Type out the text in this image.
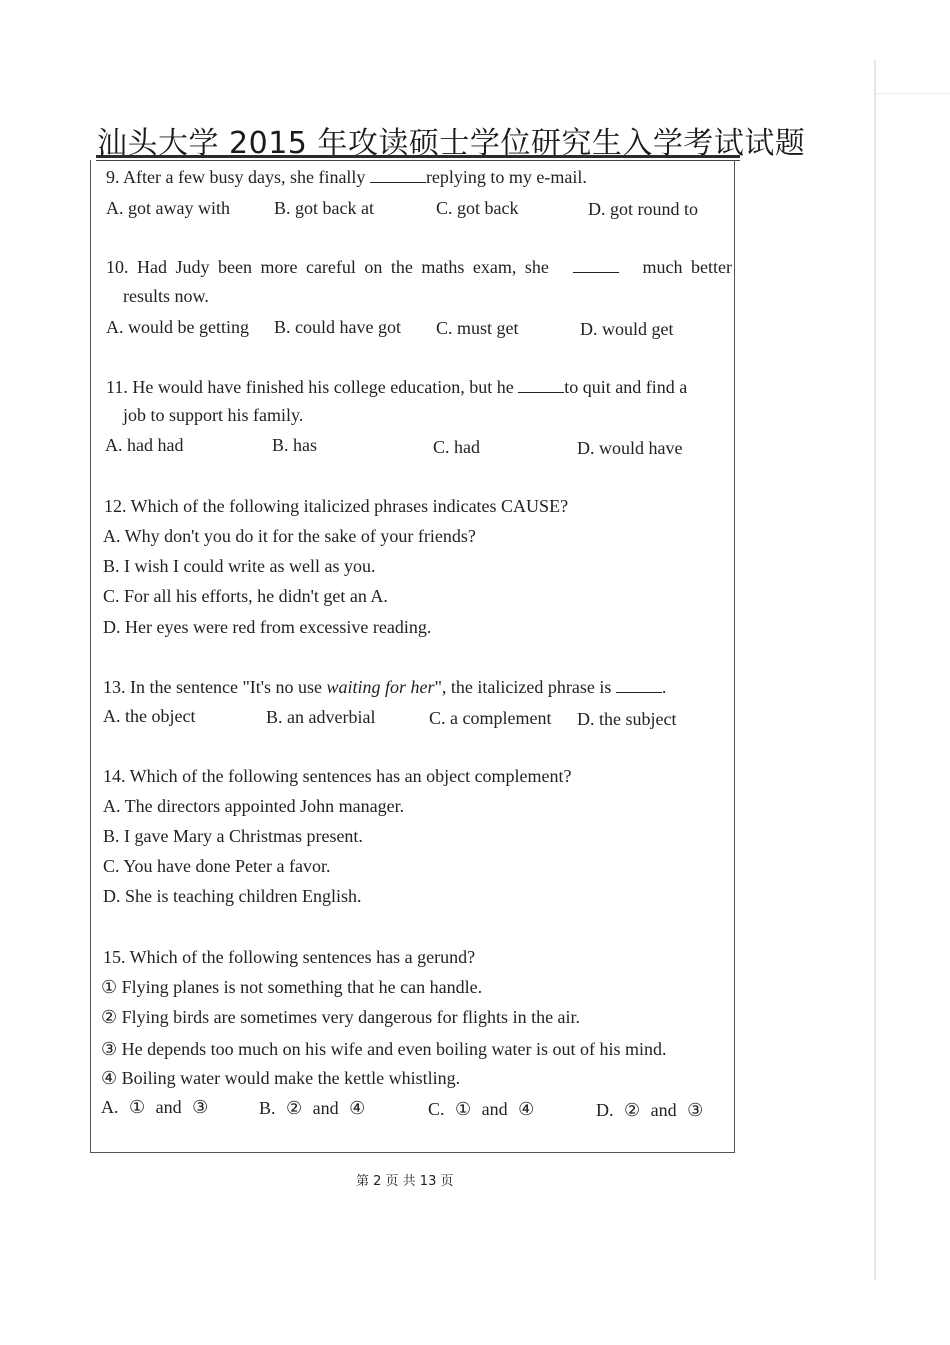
汕头大学 2015 年攻读硕士学位研究生入学考试试题
9. After a few busy days, she finally	replying to my e-mail.
A. got away with B. got back at	C. got back	D. got round to
10. Had Judy been more careful on the maths exam, she	much better
results now.
A. would be getting B. could have got C. must get	D. would get
11. He would have finished his college education, but he	to quit and find a
job to support his family.
A. had had	B. has	C. had	D. would have
12. Which of the following italicized phrases indicates CAUSE?
A. Why don't you do it for the sake of your friends?
B. I wish I could write as well as you.
C. For all his efforts, he didn't get an A.
D. Her eyes were red from excessive reading.
13. In the sentence "It's no use waiting for her", the italicized phrase is	.
A. the object	B. an adverbial	C. a complement D. the subject
14. Which of the following sentences has an object complement?
A. The directors appointed John manager.
B. I gave Mary a Christmas present.
C. You have done Peter a favor.
D. She is teaching children English.
15. Which of the following sentences has a gerund?
① Flying planes is not something that he can handle.
② Flying birds are sometimes very dangerous for flights in the air.
③ He depends too much on his wife and even boiling water is out of his mind.
④ Boiling water would make the kettle whistling.
A. ① and ③	B. ② and ④	C. ① and ④	D. ② and ③
第 2 页 共 13 页
